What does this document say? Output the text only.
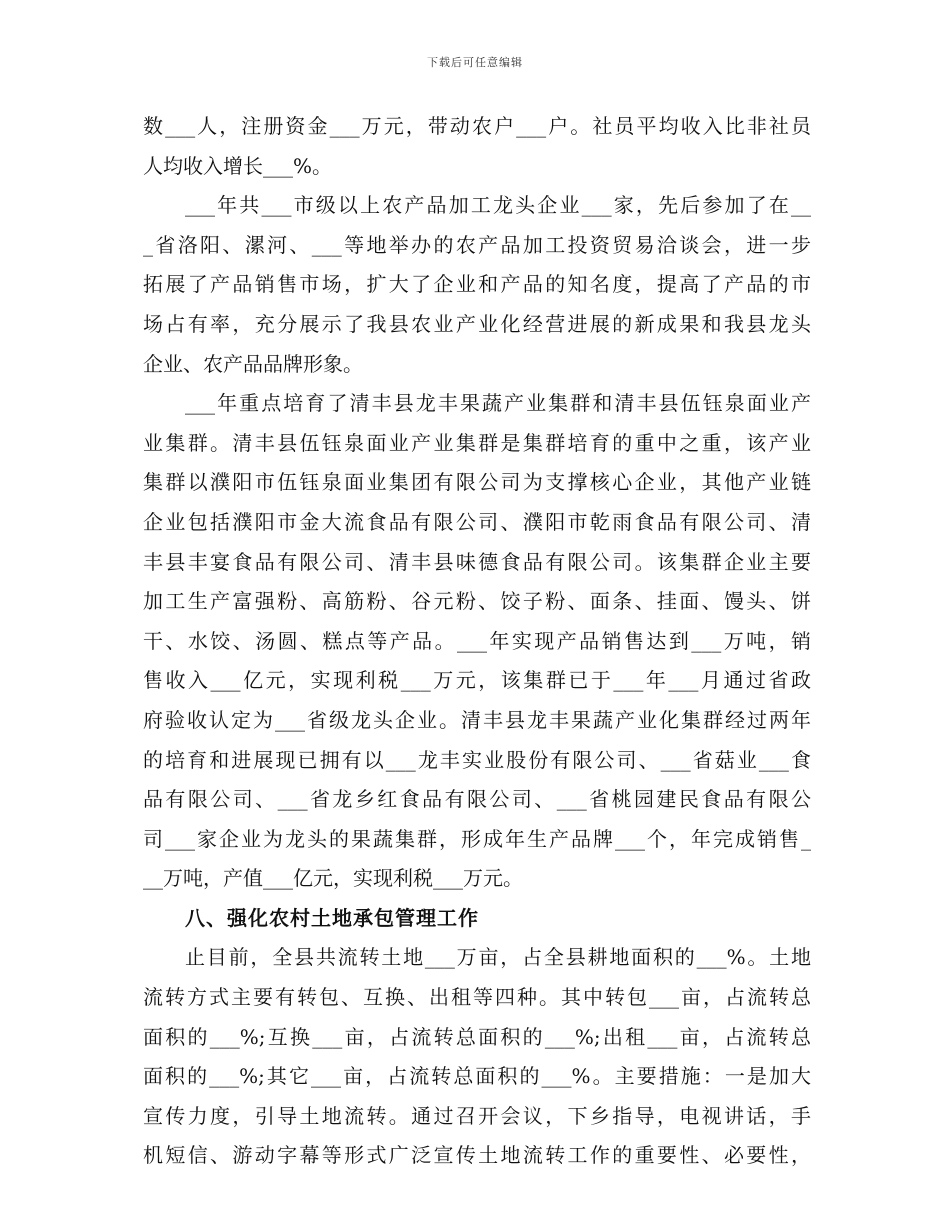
下载后可任意编辑
数___人，注册资金___万元，带动农户___户。社员平均收入比非社员
人均收入增长___%。
___年共___市级以上农产品加工龙头企业___家，先后参加了在__
_省洛阳、漯河、___等地举办的农产品加工投资贸易洽谈会，进一步
拓展了产品销售市场，扩大了企业和产品的知名度，提高了产品的市
场占有率，充分展示了我县农业产业化经营进展的新成果和我县龙头
企业、农产品品牌形象。
___年重点培育了清丰县龙丰果蔬产业集群和清丰县伍钰泉面业产
业集群。清丰县伍钰泉面业产业集群是集群培育的重中之重，该产业
集群以濮阳市伍钰泉面业集团有限公司为支撑核心企业，其他产业链
企业包括濮阳市金大流食品有限公司、濮阳市乾雨食品有限公司、清
丰县丰宴食品有限公司、清丰县味德食品有限公司。该集群企业主要
加工生产富强粉、高筋粉、谷元粉、饺子粉、面条、挂面、馒头、饼
干、水饺、汤圆、糕点等产品。___年实现产品销售达到___万吨，销
售收入___亿元，实现利税___万元，该集群已于___年___月通过省政
府验收认定为___省级龙头企业。清丰县龙丰果蔬产业化集群经过两年
的培育和进展现已拥有以___龙丰实业股份有限公司、___省菇业___食
品有限公司、___省龙乡红食品有限公司、___省桃园建民食品有限公
司___家企业为龙头的果蔬集群，形成年生产品牌___个，年完成销售_
__万吨，产值___亿元，实现利税___万元。
八、强化农村土地承包管理工作
止目前，全县共流转土地___万亩，占全县耕地面积的___%。土地
流转方式主要有转包、互换、出租等四种。其中转包___亩，占流转总
面积的___%;互换___亩，占流转总面积的___%;出租___亩，占流转总
面积的___%;其它___亩，占流转总面积的___%。主要措施：一是加大
宣传力度，引导土地流转。通过召开会议，下乡指导，电视讲话，手
机短信、游动字幕等形式广泛宣传土地流转工作的重要性、必要性，
